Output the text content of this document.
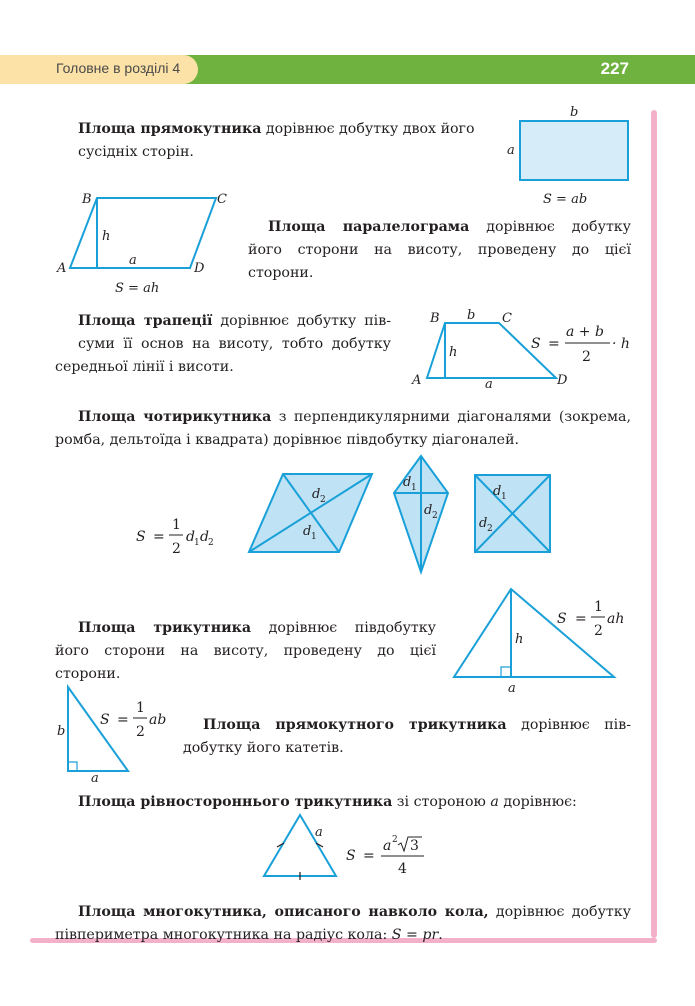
Головне в розділі 4	227

Площа прямокутника дорівнює добутку двох його
сусідніх сторін.

Площа паралелограма дорівнює добутку
його сторони на висоту, проведену до цієї

сторони.

Площа трапеції дорівнює добутку пів-
суми її основ на висоту, тобто добутку

середньої лінії і висоти.

Площа чотирикутника з перпендикулярними діагоналями (зокрема,

ромба, дельтоїда і квадрата) дорівнює півдобутку діагоналей.

Площа трикутника дорівнює півдобутку
його сторони на висоту, проведену до цієї

сторони.

Площа прямокутного трикутника дорівнює пів-

добутку його катетів.

Площа рівностороннього трикутника зі стороною a дорівнює:

Площа многокутника, описаного навколо кола, дорівнює добутку

півпериметра многокутника на радіус кола: S = pr.

b
a
S = ab
B	C
A	D
h
a
S = ah
B	C
A	D
b
h
a
S =
a + b
2
· h
S =
1
2
d 1 d 2
d 2
d 1
d 1
d 2
d 1
d 2
h
a
S =
1
2
ah
b
a
S =
1
2
ab
a
S =
a 2 3
4
